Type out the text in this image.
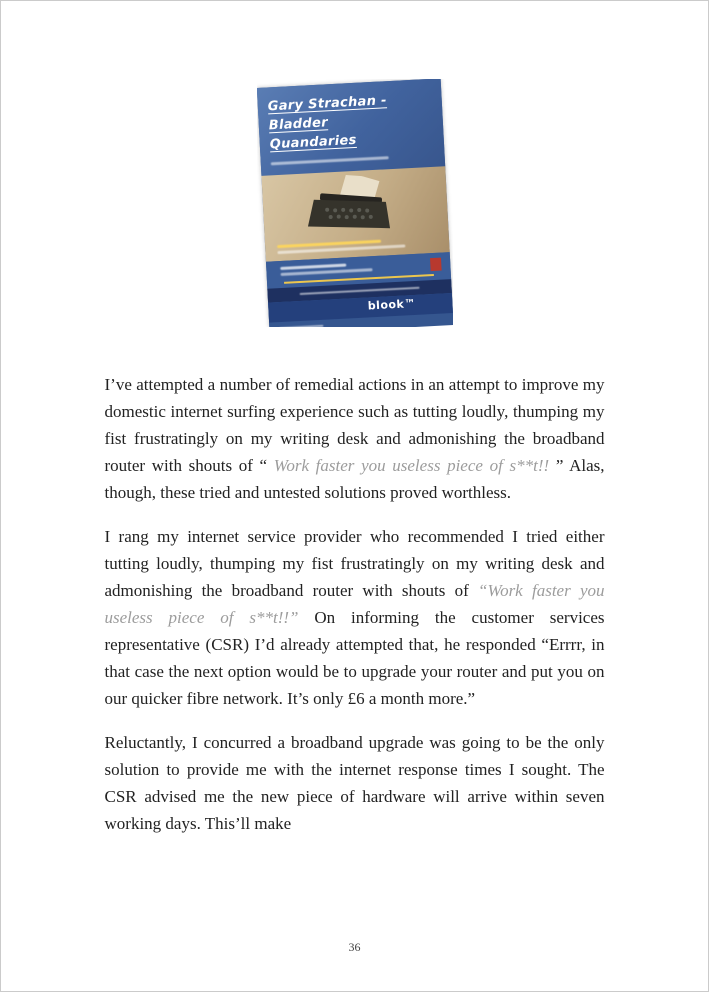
Gary Strachan - Bladder
Quandaries
blook™

I’ve attempted a number of remedial actions in an attempt to improve my domestic internet surfing experience such as tutting loudly, thumping my fist frustratingly on my writing desk and admonishing the broadband router with shouts of “ Work faster you useless piece of s**t!! ” Alas, though, these tried and untested solutions proved worthless.

I rang my internet service provider who recommended I tried either tutting loudly, thumping my fist frustratingly on my writing desk and admonishing the broadband router with shouts of “Work faster you useless piece of s**t!!” On informing the customer services representative (CSR) I’d already attempted that, he responded “Errrr, in that case the next option would be to upgrade your router and put you on our quicker fibre network. It’s only £6 a month more.”

Reluctantly, I concurred a broadband upgrade was going to be the only solution to provide me with the internet response times I sought. The CSR advised me the new piece of hardware will arrive within seven working days. This’ll make

36
